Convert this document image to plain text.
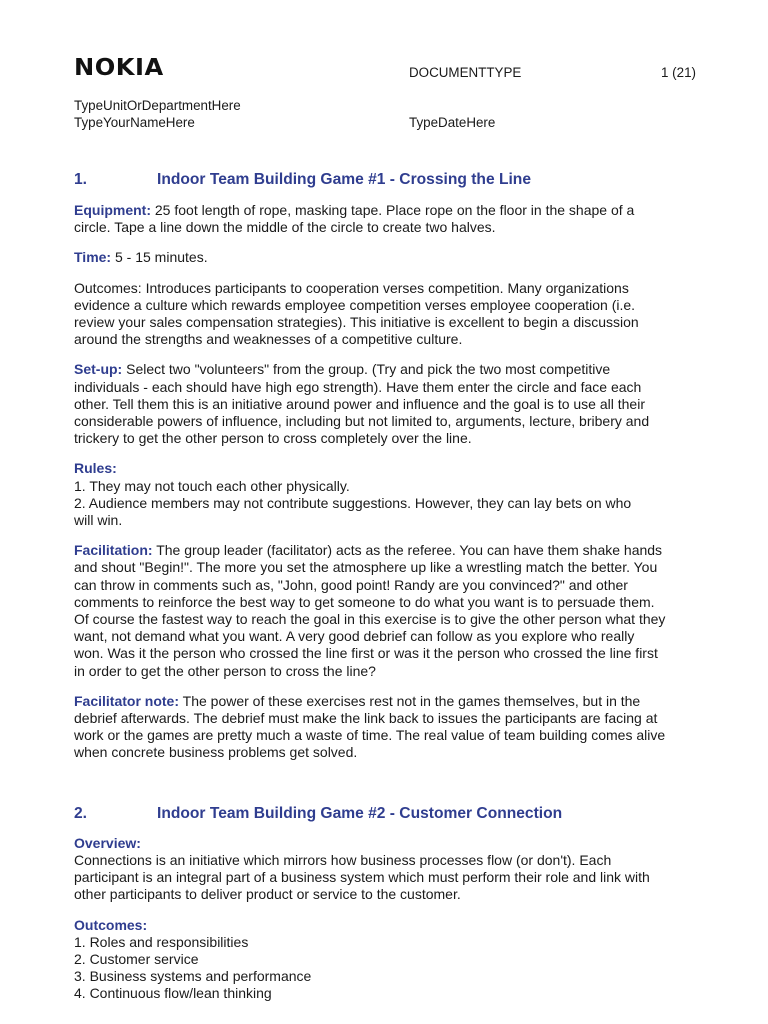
NOKIA	DOCUMENTTYPE	1 (21)
TypeUnitOrDepartmentHere
TypeYourNameHere	TypeDateHere
1.	Indoor Team Building Game #1 - Crossing the Line

Equipment: 25 foot length of rope, masking tape. Place rope on the floor in the shape of a
circle. Tape a line down the middle of the circle to create two halves.

Time: 5 - 15 minutes.

Outcomes: Introduces participants to cooperation verses competition. Many organizations
evidence a culture which rewards employee competition verses employee cooperation (i.e.
review your sales compensation strategies). This initiative is excellent to begin a discussion
around the strengths and weaknesses of a competitive culture.

Set-up: Select two "volunteers" from the group. (Try and pick the two most competitive
individuals - each should have high ego strength). Have them enter the circle and face each
other. Tell them this is an initiative around power and influence and the goal is to use all their
considerable powers of influence, including but not limited to, arguments, lecture, bribery and
trickery to get the other person to cross completely over the line.

Rules:
1. They may not touch each other physically.
2. Audience members may not contribute suggestions. However, they can lay bets on who
will win.

Facilitation: The group leader (facilitator) acts as the referee. You can have them shake hands
and shout "Begin!". The more you set the atmosphere up like a wrestling match the better. You
can throw in comments such as, "John, good point! Randy are you convinced?" and other
comments to reinforce the best way to get someone to do what you want is to persuade them.
Of course the fastest way to reach the goal in this exercise is to give the other person what they
want, not demand what you want. A very good debrief can follow as you explore who really
won. Was it the person who crossed the line first or was it the person who crossed the line first
in order to get the other person to cross the line?

Facilitator note: The power of these exercises rest not in the games themselves, but in the
debrief afterwards. The debrief must make the link back to issues the participants are facing at
work or the games are pretty much a waste of time. The real value of team building comes alive
when concrete business problems get solved.

2.	Indoor Team Building Game #2 - Customer Connection

Overview:
Connections is an initiative which mirrors how business processes flow (or don't). Each
participant is an integral part of a business system which must perform their role and link with
other participants to deliver product or service to the customer.

Outcomes:
1. Roles and responsibilities
2. Customer service
3. Business systems and performance
4. Continuous flow/lean thinking
